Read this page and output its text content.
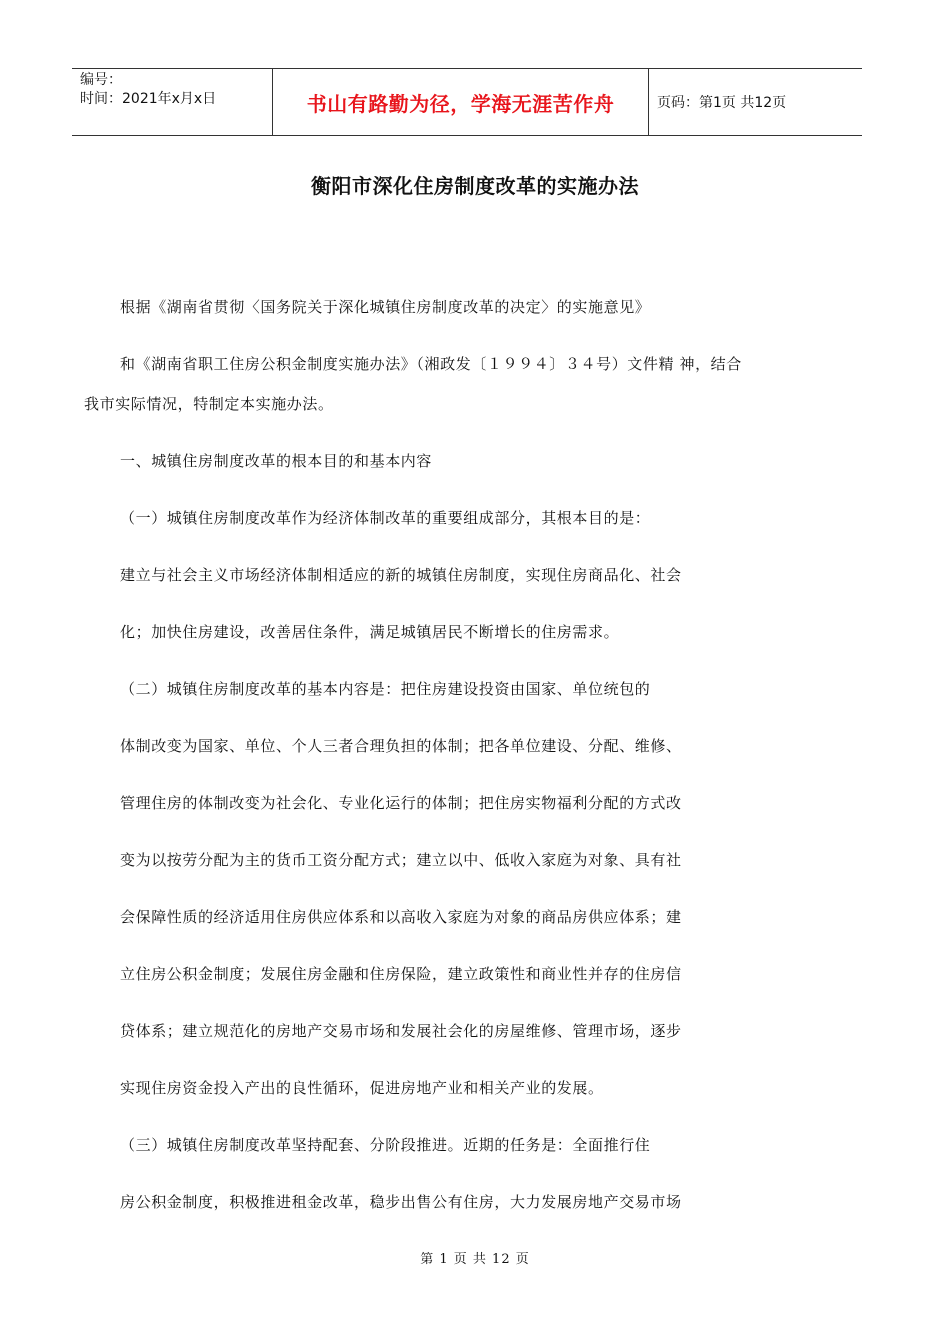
编号：
时间：2021年x月x日	书山有路勤为径，学海无涯苦作舟	页码：第1页 共12页
衡阳市深化住房制度改革的实施办法
根据《湖南省贯彻〈国务院关于深化城镇住房制度改革的决定〉的实施意见》
和《湖南省职工住房公积金制度实施办法》（湘政发〔１９９４〕３４号）文件精 神，结合
我市实际情况，特制定本实施办法。
一、城镇住房制度改革的根本目的和基本内容
（一）城镇住房制度改革作为经济体制改革的重要组成部分，其根本目的是：
建立与社会主义市场经济体制相适应的新的城镇住房制度，实现住房商品化、社会
化；加快住房建设，改善居住条件，满足城镇居民不断增长的住房需求。
（二）城镇住房制度改革的基本内容是：把住房建设投资由国家、单位统包的
体制改变为国家、单位、个人三者合理负担的体制；把各单位建设、分配、维修、
管理住房的体制改变为社会化、专业化运行的体制；把住房实物福利分配的方式改
变为以按劳分配为主的货币工资分配方式；建立以中、低收入家庭为对象、具有社
会保障性质的经济适用住房供应体系和以高收入家庭为对象的商品房供应体系；建
立住房公积金制度；发展住房金融和住房保险，建立政策性和商业性并存的住房信
贷体系；建立规范化的房地产交易市场和发展社会化的房屋维修、管理市场，逐步
实现住房资金投入产出的良性循环，促进房地产业和相关产业的发展。
（三）城镇住房制度改革坚持配套、分阶段推进。近期的任务是：全面推行住
房公积金制度，积极推进租金改革，稳步出售公有住房，大力发展房地产交易市场
第 1 页 共 12 页
